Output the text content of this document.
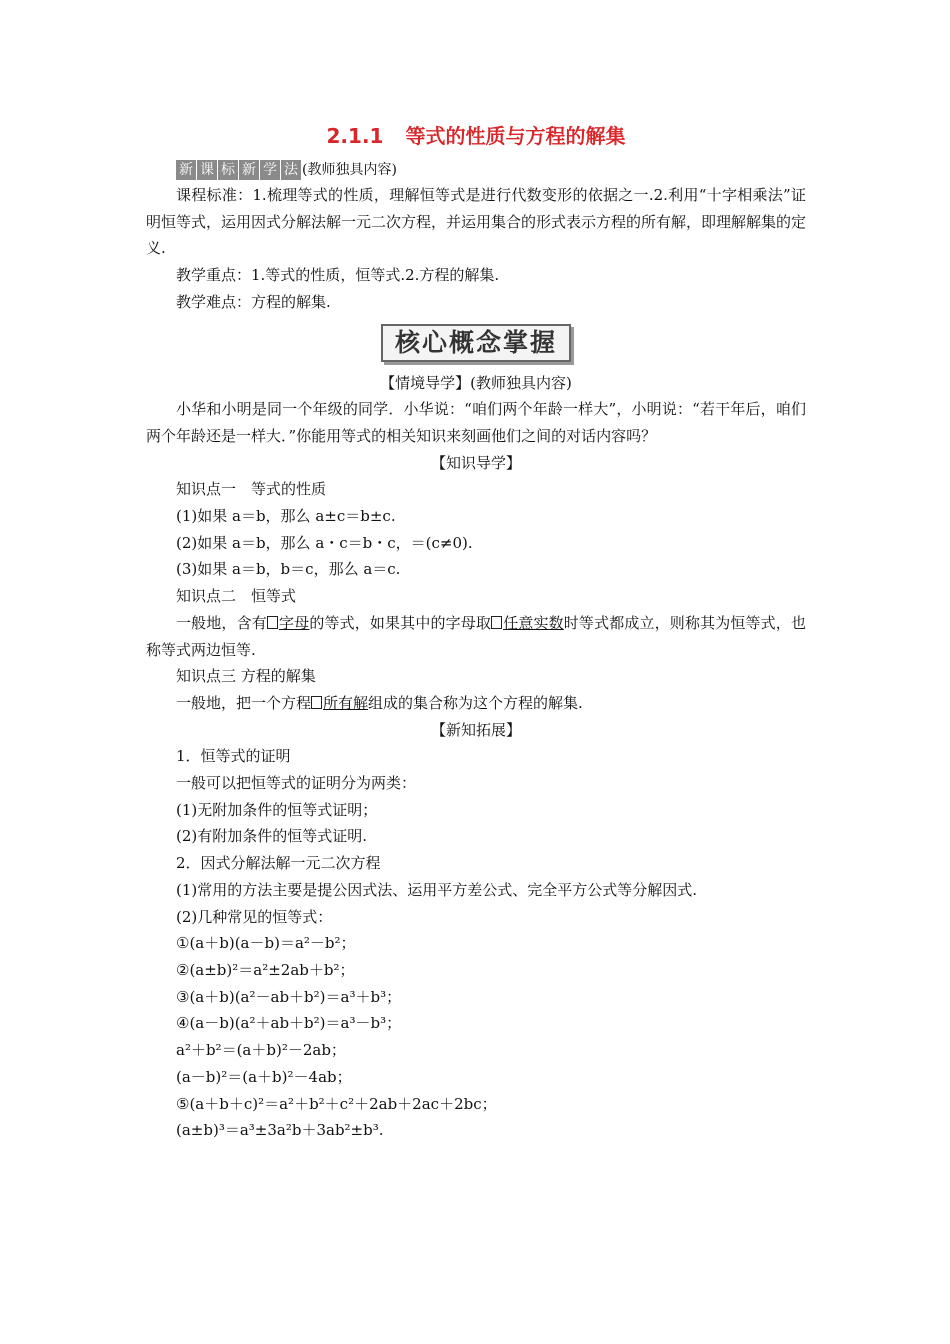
2.1.1 等式的性质与方程的解集
新 课 标 新 学 法 (教师独具内容)

课程标准：1.梳理等式的性质，理解恒等式是进行代数变形的依据之一.2.利用“十字相乘法”证明恒等式，运用因式分解法解一元二次方程，并运用集合的形式表示方程的所有解，即理解解集的定义.

教学重点：1.等式的性质，恒等式.2.方程的解集.

教学难点：方程的解集.

核心概念掌握

【情境导学】(教师独具内容)

小华和小明是同一个年级的同学．小华说：“咱们两个年龄一样大”，小明说：“若干年后，咱们两个年龄还是一样大．”你能用等式的相关知识来刻画他们之间的对话内容吗？

【知识导学】

知识点一　等式的性质

(1)如果 a＝b，那么 a±c＝b±c.

(2)如果 a＝b，那么 a・c＝b・c，＝(c≠0).

(3)如果 a＝b，b＝c，那么 a＝c.

知识点二　恒等式

一般地，含有 字母的等式，如果其中的字母取 任意实数时等式都成立，则称其为恒等式，也称等式两边恒等.

知识点三 方程的解集

一般地，把一个方程 所有解组成的集合称为这个方程的解集.

【新知拓展】

1．恒等式的证明

一般可以把恒等式的证明分为两类：

(1)无附加条件的恒等式证明；

(2)有附加条件的恒等式证明.

2．因式分解法解一元二次方程

(1)常用的方法主要是提公因式法、运用平方差公式、完全平方公式等分解因式.

(2)几种常见的恒等式：

①(a＋b)(a－b)＝a²－b²；

②(a±b)²＝a²±2ab＋b²；

③(a＋b)(a²－ab＋b²)＝a³＋b³；

④(a－b)(a²＋ab＋b²)＝a³－b³；

a²＋b²＝(a＋b)²－2ab；

(a－b)²＝(a＋b)²－4ab；

⑤(a＋b＋c)²＝a²＋b²＋c²＋2ab＋2ac＋2bc；

(a±b)³＝a³±3a²b＋3ab²±b³.
